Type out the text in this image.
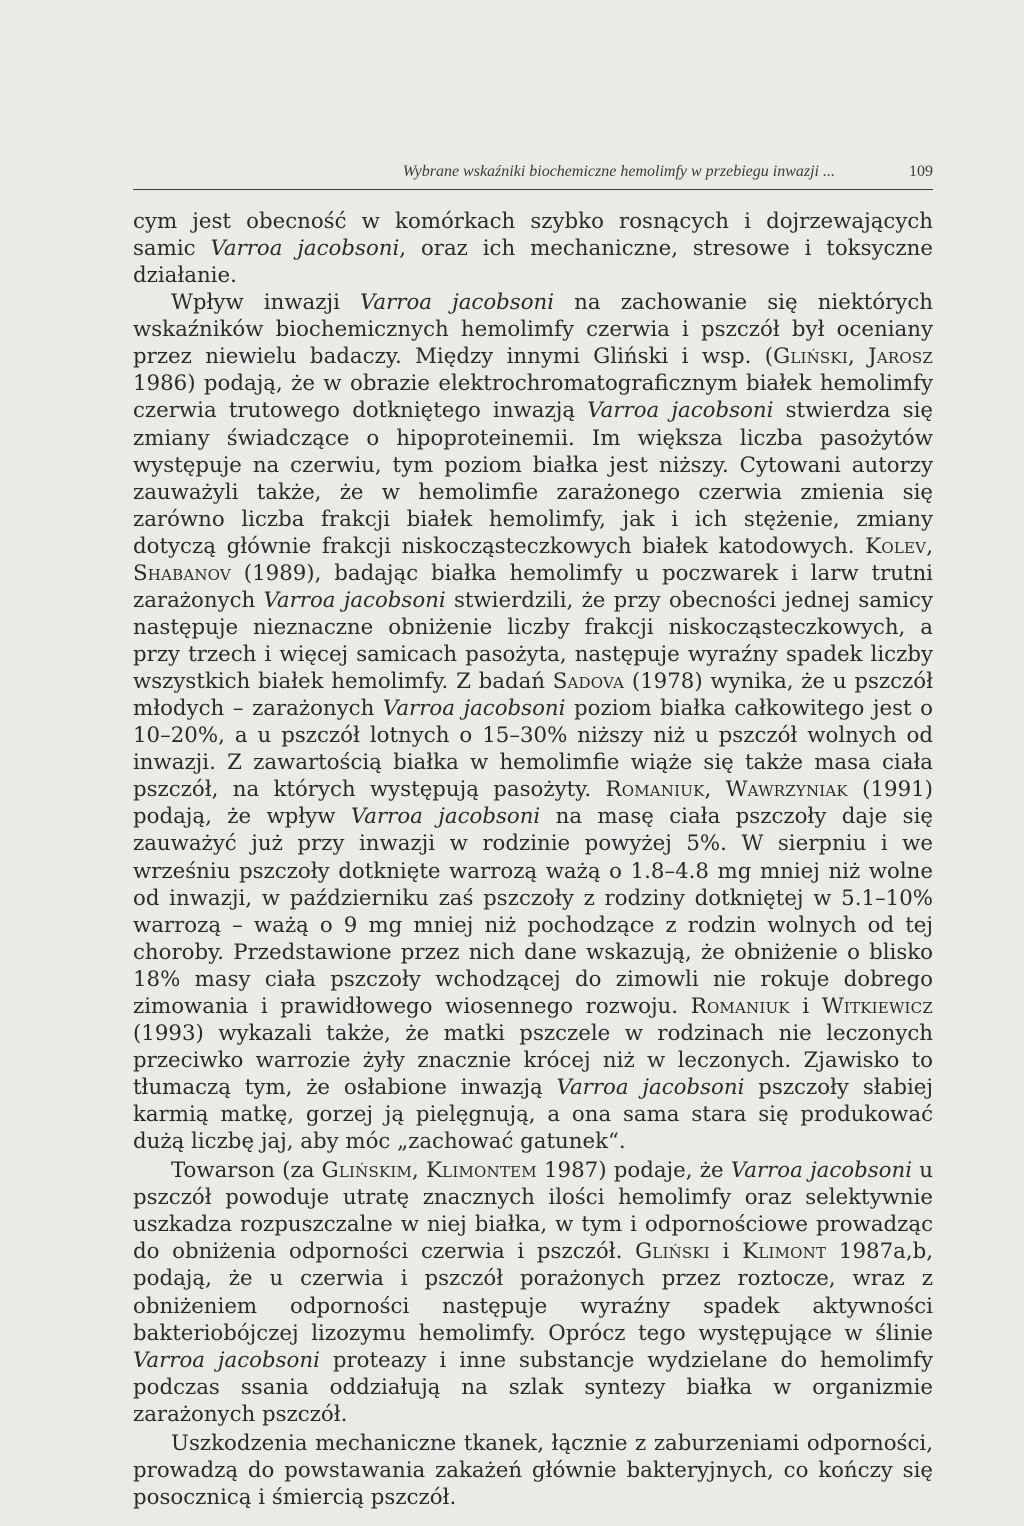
Wybrane wskaźniki biochemiczne hemolimfy w przebiegu inwazji ...	109

cym jest obecność w komórkach szybko rosnących i dojrzewających samic Varroa jacobsoni, oraz ich mechaniczne, stresowe i toksyczne działanie.

Wpływ inwazji Varroa jacobsoni na zachowanie się niektórych wskaźników biochemicznych hemolimfy czerwia i pszczół był oceniany przez niewielu badaczy. Między innymi Gliński i wsp. (Gliński, Jarosz 1986) podają, że w obrazie elektrochromatograficznym białek hemolimfy czerwia trutowego dotkniętego inwazją Varroa jacobsoni stwierdza się zmiany świadczące o hipoproteinemii. Im większa liczba pasożytów występuje na czerwiu, tym poziom białka jest niższy. Cytowani autorzy zauważyli także, że w hemolimfie zarażonego czerwia zmienia się zarówno liczba frakcji białek hemolimfy, jak i ich stężenie, zmiany dotyczą głównie frakcji niskocząsteczkowych białek katodowych. Kolev, Shabanov (1989), badając białka hemolimfy u poczwarek i larw trutni zarażonych Varroa jacobsoni stwierdzili, że przy obecności jednej samicy następuje nieznaczne obniżenie liczby frakcji niskocząsteczkowych, a przy trzech i więcej samicach pasożyta, następuje wyraźny spadek liczby wszystkich białek hemolimfy. Z badań Sadova (1978) wynika, że u pszczół młodych – zarażonych Varroa jacobsoni poziom białka całkowitego jest o 10–20%, a u pszczół lotnych o 15–30% niższy niż u pszczół wolnych od inwazji. Z zawartością białka w hemolimfie wiąże się także masa ciała pszczół, na których występują pasożyty. Romaniuk, Wawrzyniak (1991) podają, że wpływ Varroa jacobsoni na masę ciała pszczoły daje się zauważyć już przy inwazji w rodzinie powyżej 5%. W sierpniu i we wrześniu pszczoły dotknięte warrozą ważą o 1.8–4.8 mg mniej niż wolne od inwazji, w październiku zaś pszczoły z rodziny dotkniętej w 5.1–10% warrozą – ważą o 9 mg mniej niż pochodzące z rodzin wolnych od tej choroby. Przedstawione przez nich dane wskazują, że obniżenie o blisko 18% masy ciała pszczoły wchodzącej do zimowli nie rokuje dobrego zimowania i prawidłowego wiosennego rozwoju. Romaniuk i Witkiewicz (1993) wykazali także, że matki pszczele w rodzinach nie leczonych przeciwko warrozie żyły znacznie krócej niż w leczonych. Zjawisko to tłumaczą tym, że osłabione inwazją Varroa jacobsoni pszczoły słabiej karmią matkę, gorzej ją pielęgnują, a ona sama stara się produkować dużą liczbę jaj, aby móc „zachować gatunek“.

Towarson (za Glińskim, Klimontem 1987) podaje, że Varroa jacobsoni u pszczół powoduje utratę znacznych ilości hemolimfy oraz selektywnie uszkadza rozpuszczalne w niej białka, w tym i odpornościowe prowadząc do obniżenia odporności czerwia i pszczół. Gliński i Klimont 1987a,b, podają, że u czerwia i pszczół porażonych przez roztocze, wraz z obniżeniem odporności następuje wyraźny spadek aktywności bakteriobójczej lizozymu hemolimfy. Oprócz tego występujące w ślinie Varroa jacobsoni proteazy i inne substancje wydzielane do hemolimfy podczas ssania oddziałują na szlak syntezy białka w organizmie zarażonych pszczół.

Uszkodzenia mechaniczne tkanek, łącznie z zaburzeniami odporności, prowadzą do powstawania zakażeń głównie bakteryjnych, co kończy się posocznicą i śmiercią pszczół.
